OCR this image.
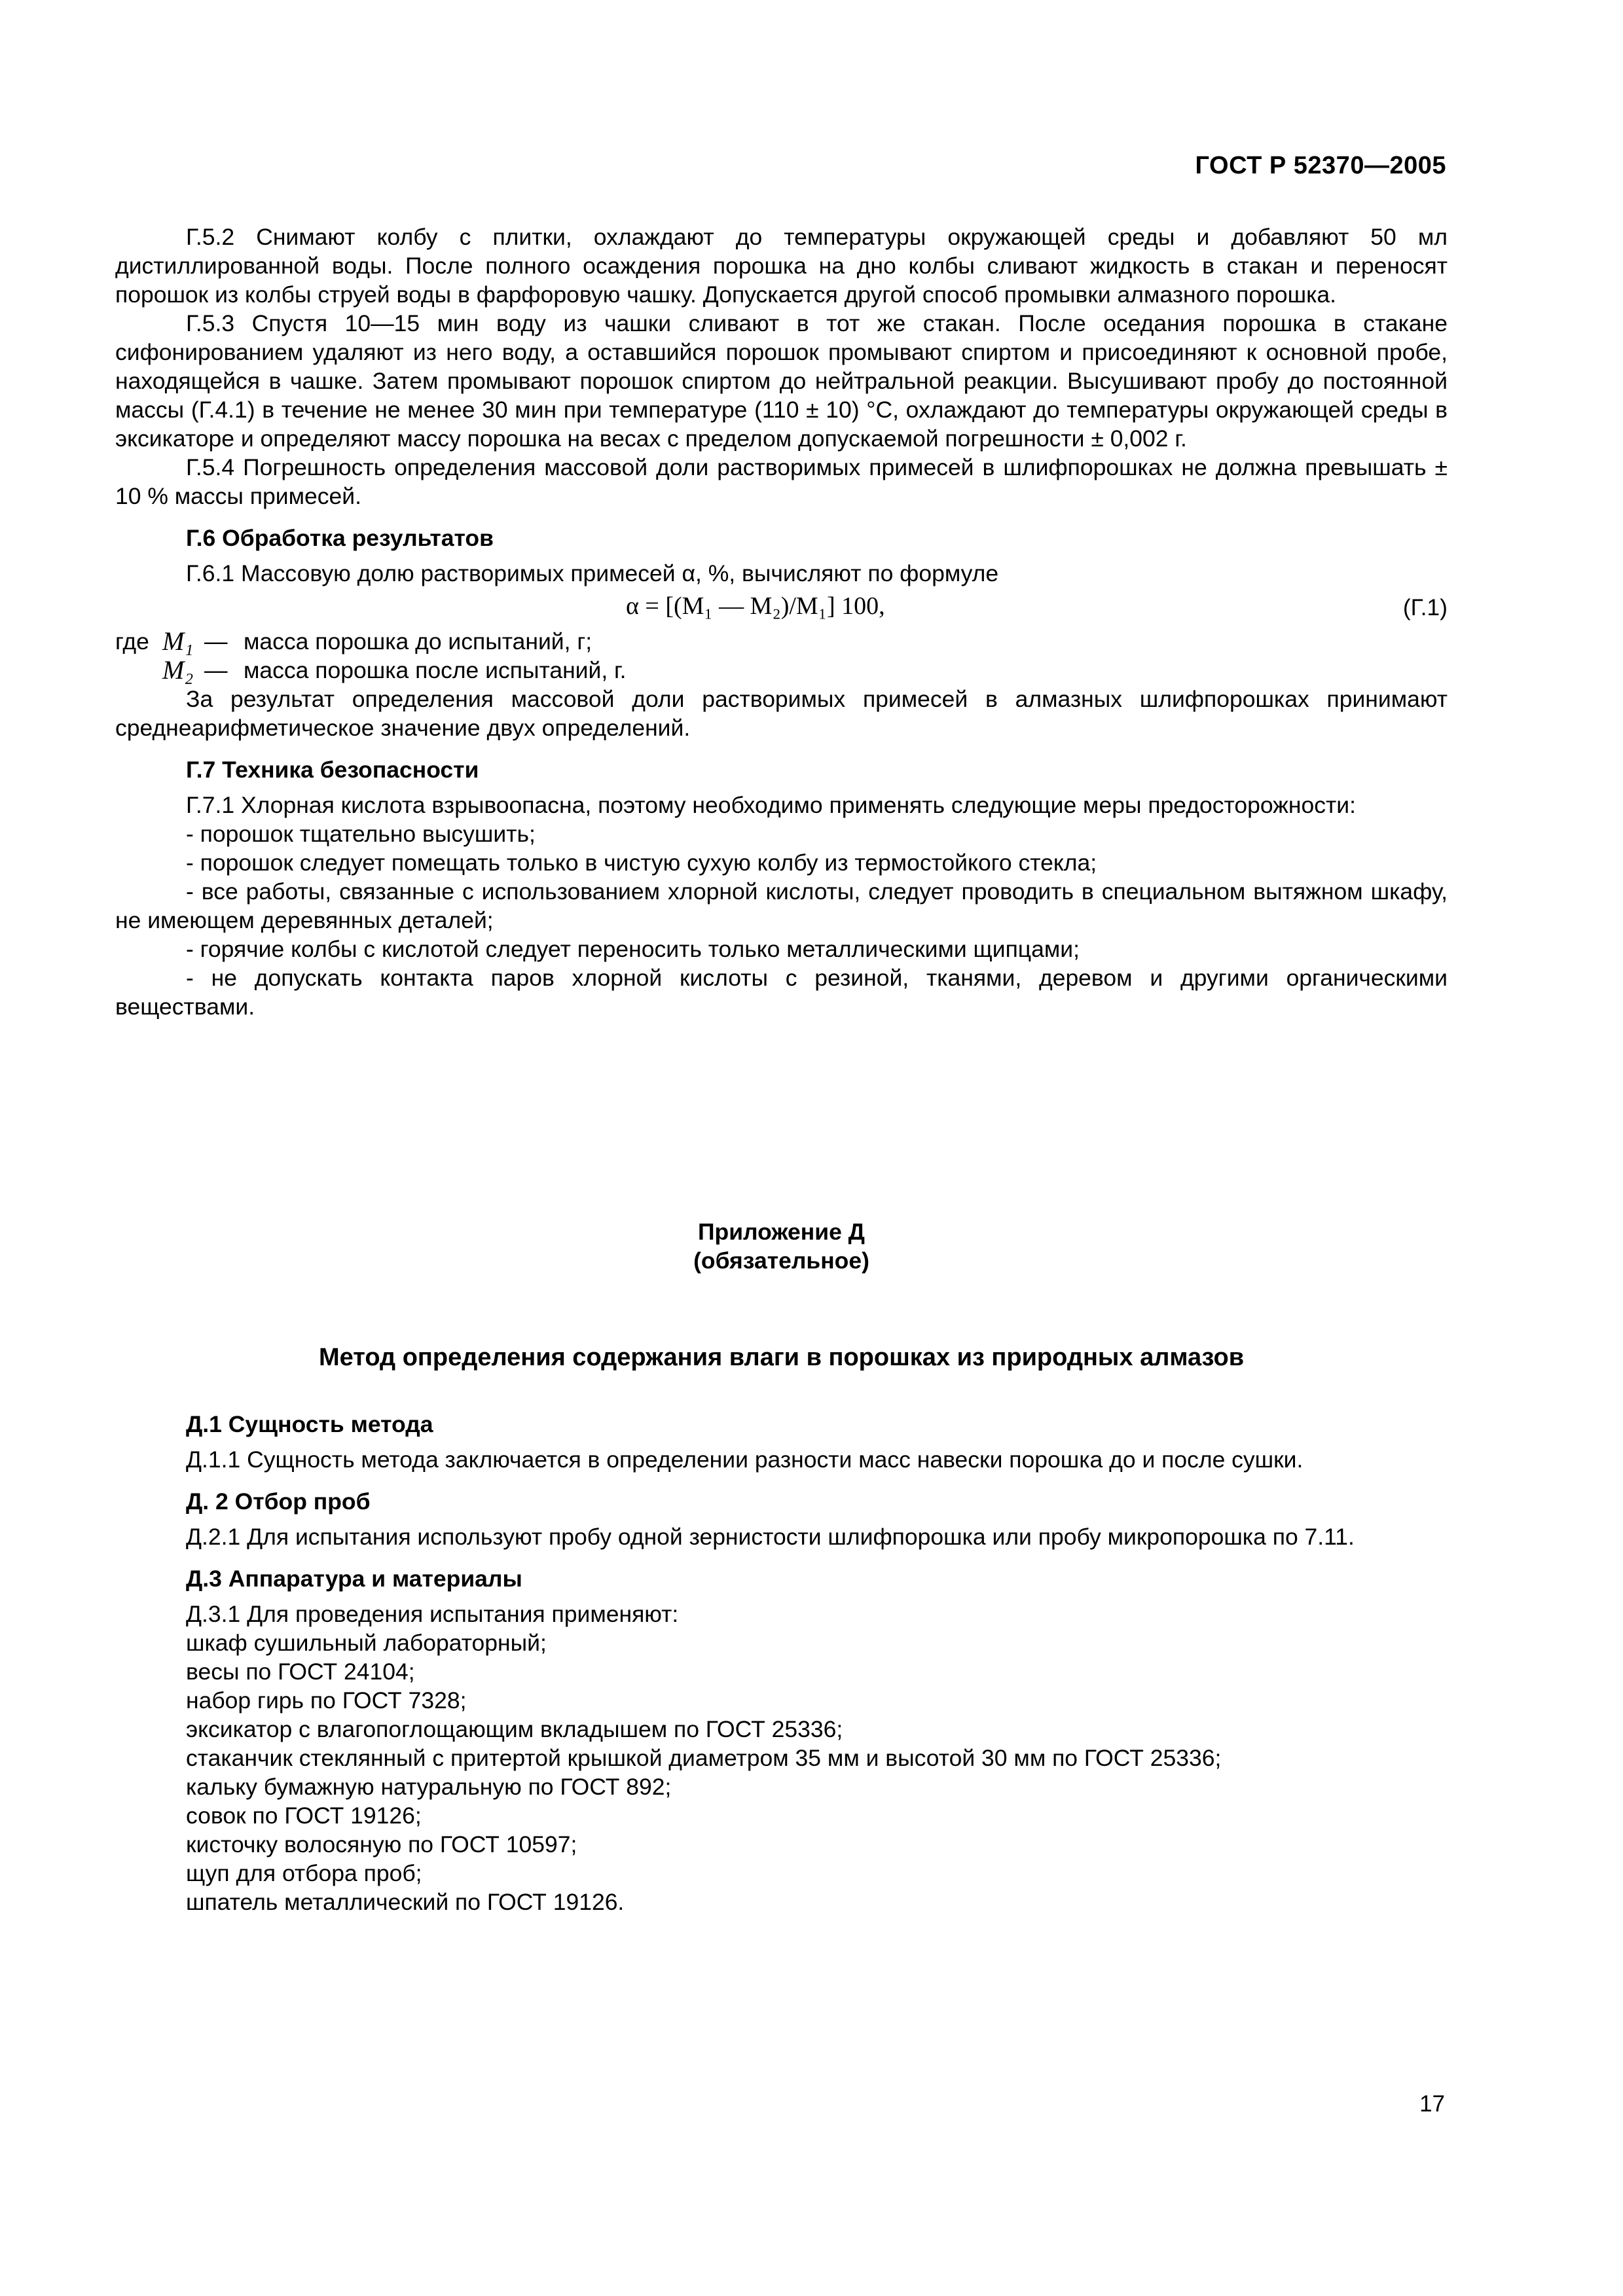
ГОСТ Р 52370—2005

Г.5.2 Снимают колбу с плитки, охлаждают до температуры окружающей среды и добавляют 50 мл дистиллированной воды. После полного осаждения порошка на дно колбы сливают жидкость в стакан и переносят порошок из колбы струей воды в фарфоровую чашку. Допускается другой способ промывки алмазного порошка.

Г.5.3 Спустя 10—15 мин воду из чашки сливают в тот же стакан. После оседания порошка в стакане сифонированием удаляют из него воду, а оставшийся порошок промывают спиртом и присоединяют к основной пробе, находящейся в чашке. Затем промывают порошок спиртом до нейтральной реакции. Высушивают пробу до постоянной массы (Г.4.1) в течение не менее 30 мин при температуре (110 ± 10) °С, охлаждают до температуры окружающей среды в эксикаторе и определяют массу порошка на весах с пределом допускаемой погрешности ± 0,002 г.

Г.5.4 Погрешность определения массовой доли растворимых примесей в шлифпорошках не должна превышать ± 10 % массы примесей.

Г.6 Обработка результатов

Г.6.1 Массовую долю растворимых примесей α, %, вычисляют по формуле

α = [(M₁ — M₂)/M₁] 100,	(Г.1)
где M₁ — масса порошка до испытаний, г;
M₂ — масса порошка после испытаний, г.

За результат определения массовой доли растворимых примесей в алмазных шлифпорошках принимают среднеарифметическое значение двух определений.

Г.7 Техника безопасности

Г.7.1 Хлорная кислота взрывоопасна, поэтому необходимо применять следующие меры предосторожности:

- порошок тщательно высушить;

- порошок следует помещать только в чистую сухую колбу из термостойкого стекла;

- все работы, связанные с использованием хлорной кислоты, следует проводить в специальном вытяжном шкафу, не имеющем деревянных деталей;

- горячие колбы с кислотой следует переносить только металлическими щипцами;

- не допускать контакта паров хлорной кислоты с резиной, тканями, деревом и другими органическими веществами.

Приложение Д

(обязательное)

Метод определения содержания влаги в порошках из природных алмазов

Д.1 Сущность метода

Д.1.1 Сущность метода заключается в определении разности масс навески порошка до и после сушки.

Д. 2 Отбор проб

Д.2.1 Для испытания используют пробу одной зернистости шлифпорошка или пробу микропорошка по 7.11.

Д.3 Аппаратура и материалы

Д.3.1 Для проведения испытания применяют:

шкаф сушильный лабораторный;

весы по ГОСТ 24104;

набор гирь по ГОСТ 7328;

эксикатор с влагопоглощающим вкладышем по ГОСТ 25336;

стаканчик стеклянный с притертой крышкой диаметром 35 мм и высотой 30 мм по ГОСТ 25336;

кальку бумажную натуральную по ГОСТ 892;

совок по ГОСТ 19126;

кисточку волосяную по ГОСТ 10597;

щуп для отбора проб;

шпатель металлический по ГОСТ 19126.

17
